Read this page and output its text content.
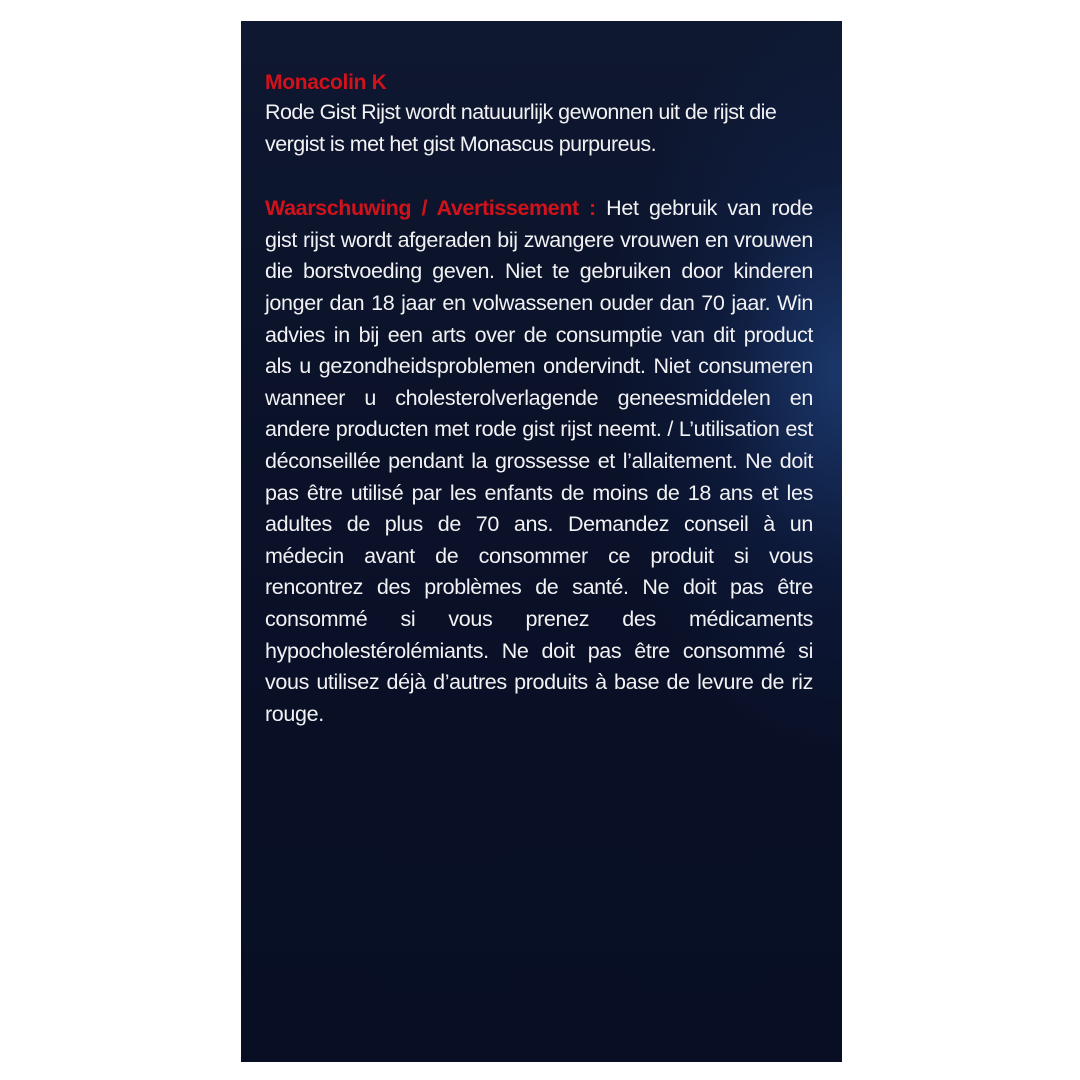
Monacolin K

Rode Gist Rijst wordt natuuurlijk gewonnen uit de rijst die vergist is met het gist Monascus purpureus.

Waarschuwing / Avertissement : Het gebruik van rode gist rijst wordt afgeraden bij zwangere vrouwen en vrouwen die borstvoeding geven. Niet te gebruiken door kinderen jonger dan 18 jaar en volwassenen ouder dan 70 jaar. Win advies in bij een arts over de consumptie van dit product als u gezondheidsproblemen ondervindt. Niet consumeren wanneer u cholesterolverlagende geneesmiddelen en andere producten met rode gist rijst neemt. / L’utilisation est déconseillée pendant la grossesse et l’allaitement. Ne doit pas être utilisé par les enfants de moins de 18 ans et les adultes de plus de 70 ans. Demandez conseil à un médecin avant de consommer ce produit si vous rencontrez des problèmes de santé. Ne doit pas être consommé si vous prenez des médicaments hypocholestérolémiants. Ne doit pas être consommé si vous utilisez déjà d’autres produits à base de levure de riz rouge.
